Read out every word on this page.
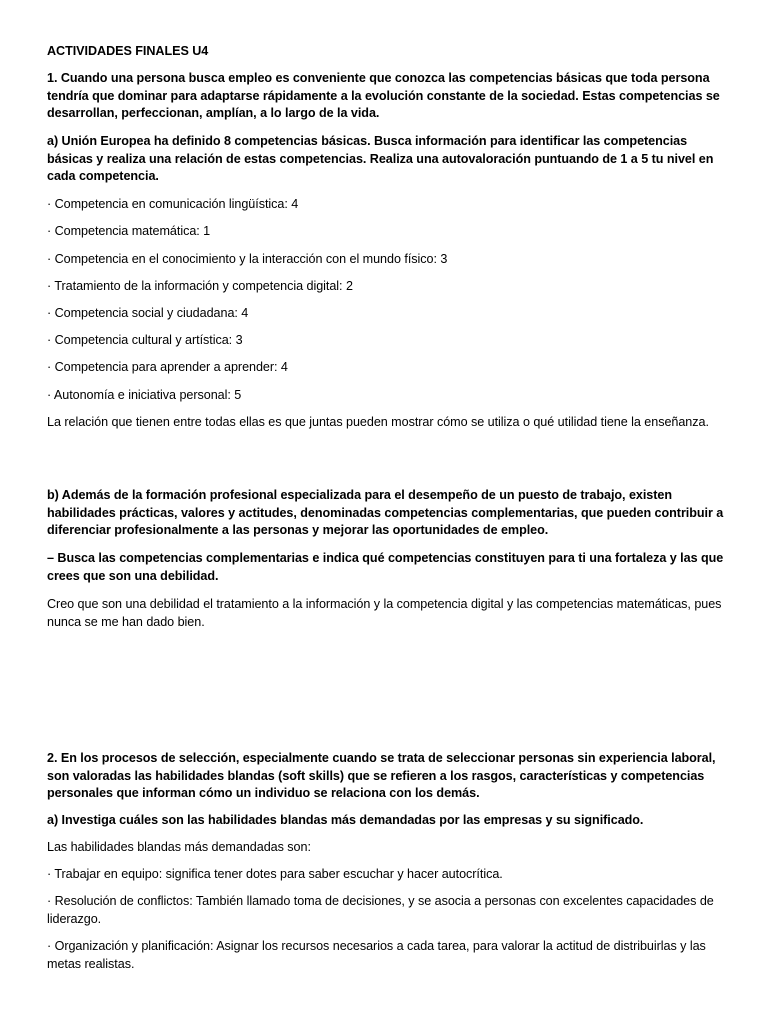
ACTIVIDADES FINALES U4

1. Cuando una persona busca empleo es conveniente que conozca las competencias básicas que toda persona tendría que dominar para adaptarse rápidamente a la evolución constante de la sociedad. Estas competencias se desarrollan, perfeccionan, amplían, a lo largo de la vida.

a) Unión Europea ha definido 8 competencias básicas. Busca información para identificar las competencias básicas y realiza una relación de estas competencias. Realiza una autovaloración puntuando de 1 a 5 tu nivel en cada competencia.

· Competencia en comunicación lingüística: 4

· Competencia matemática: 1

· Competencia en el conocimiento y la interacción con el mundo físico: 3

· Tratamiento de la información y competencia digital: 2

· Competencia social y ciudadana: 4

· Competencia cultural y artística: 3

· Competencia para aprender a aprender: 4

· Autonomía e iniciativa personal: 5

La relación que tienen entre todas ellas es que juntas pueden mostrar cómo se utiliza o qué utilidad tiene la enseñanza.

b) Además de la formación profesional especializada para el desempeño de un puesto de trabajo, existen habilidades prácticas, valores y actitudes, denominadas competencias complementarias, que pueden contribuir a diferenciar profesionalmente a las personas y mejorar las oportunidades de empleo.

– Busca las competencias complementarias e indica qué competencias constituyen para ti una fortaleza y las que crees que son una debilidad.

Creo que son una debilidad el tratamiento a la información y la competencia digital y las competencias matemáticas, pues nunca se me han dado bien.

2. En los procesos de selección, especialmente cuando se trata de seleccionar personas sin experiencia laboral, son valoradas las habilidades blandas (soft skills) que se refieren a los rasgos, características y competencias personales que informan cómo un individuo se relaciona con los demás.

a) Investiga cuáles son las habilidades blandas más demandadas por las empresas y su significado.

Las habilidades blandas más demandadas son:

· Trabajar en equipo: significa tener dotes para saber escuchar y hacer autocrítica.

· Resolución de conflictos: También llamado toma de decisiones, y se asocia a personas con excelentes capacidades de liderazgo.

· Organización y planificación: Asignar los recursos necesarios a cada tarea, para valorar la actitud de distribuirlas y las metas realistas.
